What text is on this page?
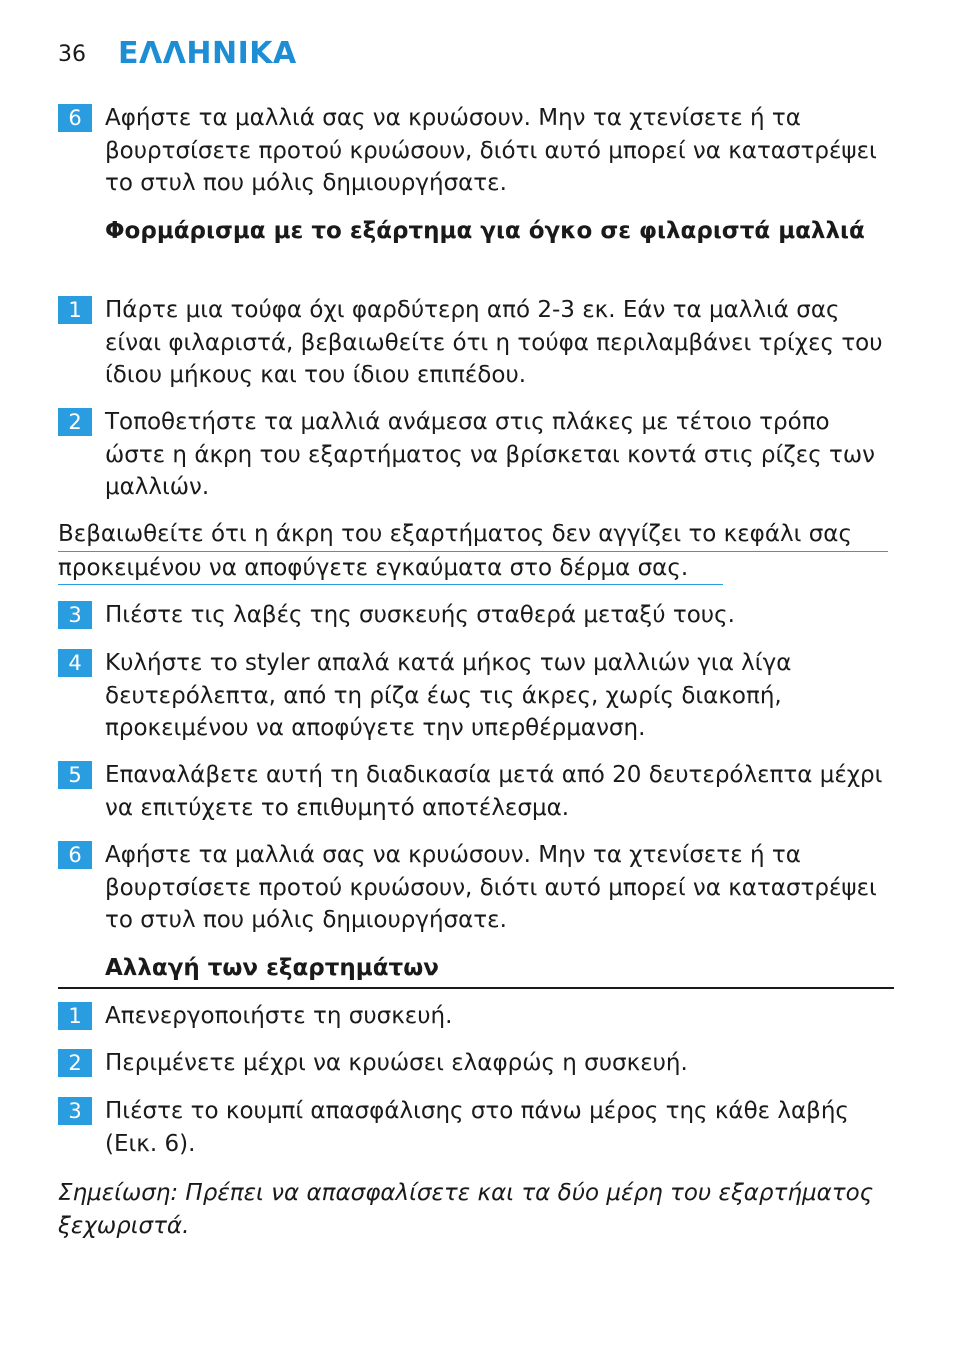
36 ΕΛΛΗΝΙΚΑ
6	Αφήστε τα μαλλιά σας να κρυώσουν. Μην τα χτενίσετε ή τα βουρτσίσετε προτού κρυώσουν, διότι αυτό μπορεί να καταστρέψει το στυλ που μόλις δημιουργήσατε.
Φορμάρισμα με το εξάρτημα για όγκο σε φιλαριστά μαλλιά
1	Πάρτε μια τούφα όχι φαρδύτερη από 2-3 εκ. Εάν τα μαλλιά σας είναι φιλαριστά, βεβαιωθείτε ότι η τούφα περιλαμβάνει τρίχες του ίδιου μήκους και του ίδιου επιπέδου.
2	Τοποθετήστε τα μαλλιά ανάμεσα στις πλάκες με τέτοιο τρόπο ώστε η άκρη του εξαρτήματος να βρίσκεται κοντά στις ρίζες των μαλλιών.
Βεβαιωθείτε ότι η άκρη του εξαρτήματος δεν αγγίζει το κεφάλι σας
προκειμένου να αποφύγετε εγκαύματα στο δέρμα σας.
3	Πιέστε τις λαβές της συσκευής σταθερά μεταξύ τους.
4	Κυλήστε το styler απαλά κατά μήκος των μαλλιών για λίγα δευτερόλεπτα, από τη ρίζα έως τις άκρες, χωρίς διακοπή, προκειμένου να αποφύγετε την υπερθέρμανση.
5	Επαναλάβετε αυτή τη διαδικασία μετά από 20 δευτερόλεπτα μέχρι να επιτύχετε το επιθυμητό αποτέλεσμα.
6	Αφήστε τα μαλλιά σας να κρυώσουν. Μην τα χτενίσετε ή τα βουρτσίσετε προτού κρυώσουν, διότι αυτό μπορεί να καταστρέψει το στυλ που μόλις δημιουργήσατε.
Αλλαγή των εξαρτημάτων
1	Απενεργοποιήστε τη συσκευή.
2	Περιμένετε μέχρι να κρυώσει ελαφρώς η συσκευή.
3	Πιέστε το κουμπί απασφάλισης στο πάνω μέρος της κάθε λαβής (Εικ. 6).
Σημείωση: Πρέπει να απασφαλίσετε και τα δύο μέρη του εξαρτήματος ξεχωριστά.
